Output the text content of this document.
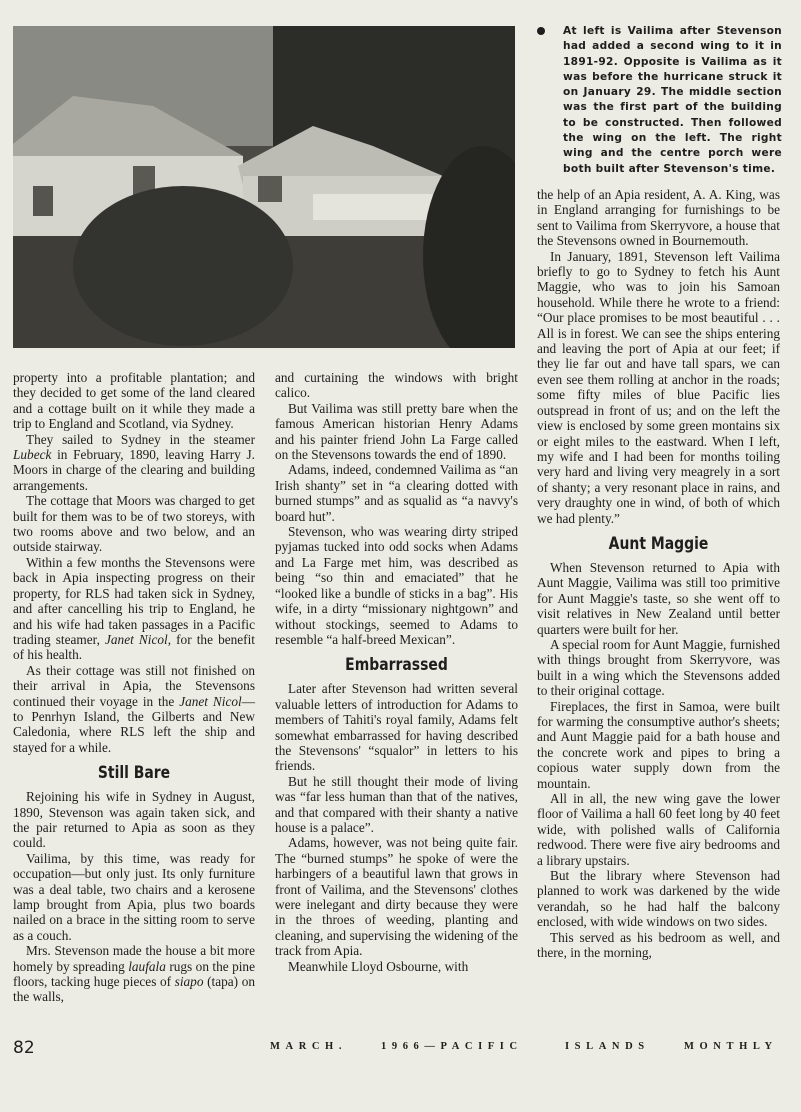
At left is Vailima after Stevenson had added a second wing to it in 1891-92. Opposite is Vailima as it was before the hurricane struck it on January 29. The middle section was the first part of the building to be constructed. Then followed the wing on the left. The right wing and the centre porch were both built after Stevenson's time.

property into a profitable plantation; and they decided to get some of the land cleared and a cottage built on it while they made a trip to England and Scotland, via Sydney.

They sailed to Sydney in the steamer Lubeck in February, 1890, leaving Harry J. Moors in charge of the clearing and building arrangements.

The cottage that Moors was charged to get built for them was to be of two storeys, with two rooms above and two below, and an outside stairway.

Within a few months the Stevensons were back in Apia inspecting progress on their property, for RLS had taken sick in Sydney, and after cancelling his trip to England, he and his wife had taken passages in a Pacific trading steamer, Janet Nicol, for the benefit of his health.

As their cottage was still not finished on their arrival in Apia, the Stevensons continued their voyage in the Janet Nicol—to Penrhyn Island, the Gilberts and New Caledonia, where RLS left the ship and stayed for a while.

Still Bare

Rejoining his wife in Sydney in August, 1890, Stevenson was again taken sick, and the pair returned to Apia as soon as they could.

Vailima, by this time, was ready for occupation—but only just. Its only furniture was a deal table, two chairs and a kerosene lamp brought from Apia, plus two boards nailed on a brace in the sitting room to serve as a couch.

Mrs. Stevenson made the house a bit more homely by spreading laufala rugs on the pine floors, tacking huge pieces of siapo (tapa) on the walls,

and curtaining the windows with bright calico.

But Vailima was still pretty bare when the famous American historian Henry Adams and his painter friend John La Farge called on the Stevensons towards the end of 1890.

Adams, indeed, condemned Vailima as “an Irish shanty” set in “a clearing dotted with burned stumps” and as squalid as “a navvy's board hut”.

Stevenson, who was wearing dirty striped pyjamas tucked into odd socks when Adams and La Farge met him, was described as being “so thin and emaciated” that he “looked like a bundle of sticks in a bag”. His wife, in a dirty “missionary nightgown” and without stockings, seemed to Adams to resemble “a half-breed Mexican”.

Embarrassed

Later after Stevenson had written several valuable letters of introduction for Adams to members of Tahiti's royal family, Adams felt somewhat embarrassed for having described the Stevensons' “squalor” in letters to his friends.

But he still thought their mode of living was “far less human than that of the natives, and that compared with their shanty a native house is a palace”.

Adams, however, was not being quite fair. The “burned stumps” he spoke of were the harbingers of a beautiful lawn that grows in front of Vailima, and the Stevensons' clothes were inelegant and dirty because they were in the throes of weeding, planting and cleaning, and supervising the widening of the track from Apia.

Meanwhile Lloyd Osbourne, with

the help of an Apia resident, A. A. King, was in England arranging for furnishings to be sent to Vailima from Skerryvore, a house that the Stevensons owned in Bournemouth.

In January, 1891, Stevenson left Vailima briefly to go to Sydney to fetch his Aunt Maggie, who was to join his Samoan household. While there he wrote to a friend: “Our place promises to be most beautiful . . . All is in forest. We can see the ships entering and leaving the port of Apia at our feet; if they lie far out and have tall spars, we can even see them rolling at anchor in the roads; some fifty miles of blue Pacific lies outspread in front of us; and on the left the view is enclosed by some green montains six or eight miles to the eastward. When I left, my wife and I had been for months toiling very hard and living very meagrely in a sort of shanty; a very resonant place in rains, and very draughty one in wind, of both of which we had plenty.”

Aunt Maggie

When Stevenson returned to Apia with Aunt Maggie, Vailima was still too primitive for Aunt Maggie's taste, so she went off to visit relatives in New Zealand until better quarters were built for her.

A special room for Aunt Maggie, furnished with things brought from Skerryvore, was built in a wing which the Stevensons added to their original cottage.

Fireplaces, the first in Samoa, were built for warming the consumptive author's sheets; and Aunt Maggie paid for a bath house and the concrete work and pipes to bring a copious water supply down from the mountain.

All in all, the new wing gave the lower floor of Vailima a hall 60 feet long by 40 feet wide, with polished walls of California redwood. There were five airy bedrooms and a library upstairs.

But the library where Stevenson had planned to work was darkened by the wide verandah, so he had half the balcony enclosed, with wide windows on two sides.

This served as his bedroom as well, and there, in the morning,

82	MARCH.	1966—PACIFIC	ISLANDS	MONTHLY
